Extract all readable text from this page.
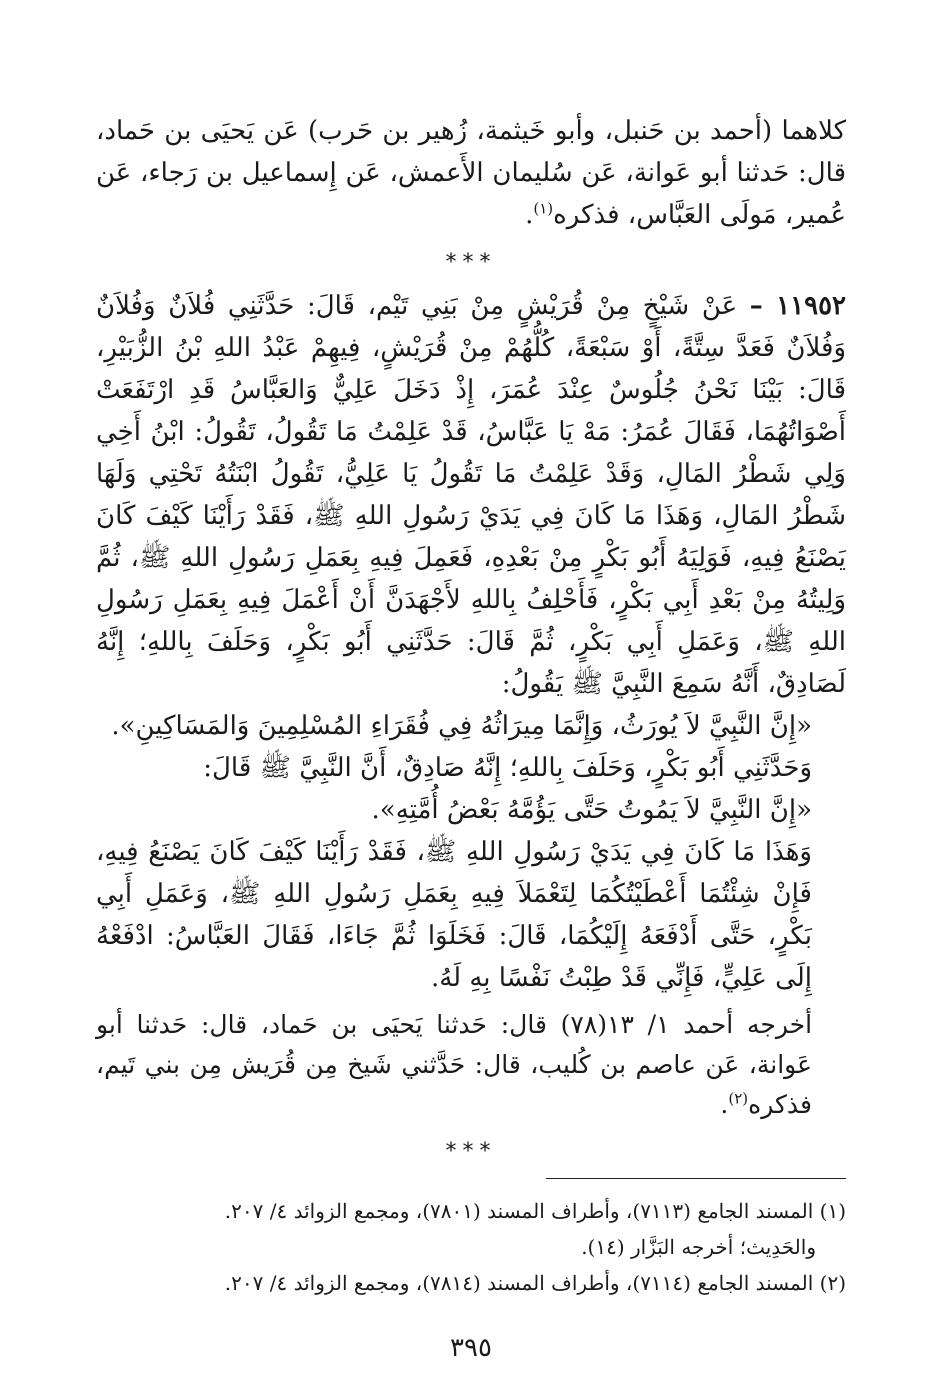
كلاهما (أحمد بن حَنبل، وأبو خَيثمة، زُهير بن حَرب) عَن يَحيَى بن حَماد، قال: حَدثنا أبو عَوانة، عَن سُليمان الأَعمش، عَن إِسماعيل بن رَجاء، عَن عُمير، مَولَى العَبَّاس، فذكره$^{(١)}$.

***

١١٩٥٢ – عَنْ شَيْخٍ مِنْ قُرَيْشٍ مِنْ بَنِي تَيْم، قَالَ: حَدَّثَنِي فُلاَنٌ وَفُلاَنٌ وَفُلاَنٌ فَعَدَّ سِتَّةً، أَوْ سَبْعَةً، كُلُّهُمْ مِنْ قُرَيْشٍ، فِيهِمْ عَبْدُ اللهِ بْنُ الزُّبَيْرِ، قَالَ: بَيْنَا نَحْنُ جُلُوسٌ عِنْدَ عُمَرَ، إِذْ دَخَلَ عَلِيٌّ وَالعَبَّاسُ قَدِ ارْتَفَعَتْ أَصْوَاتُهُمَا، فَقَالَ عُمَرُ: مَهْ يَا عَبَّاسُ، قَدْ عَلِمْتُ مَا تَقُولُ، تَقُولُ: ابْنُ أَخِي وَلِي شَطْرُ المَالِ، وَقَدْ عَلِمْتُ مَا تَقُولُ يَا عَلِيُّ، تَقُولُ ابْنَتُهُ تَحْتِي وَلَهَا شَطْرُ المَالِ، وَهَذَا مَا كَانَ فِي يَدَيْ رَسُولِ اللهِ ﷺ، فَقَدْ رَأَيْنَا كَيْفَ كَانَ يَصْنَعُ فِيهِ، فَوَلِيَهُ أَبُو بَكْرٍ مِنْ بَعْدِهِ، فَعَمِلَ فِيهِ بِعَمَلِ رَسُولِ اللهِ ﷺ، ثُمَّ وَلِيتُهُ مِنْ بَعْدِ أَبِي بَكْرٍ، فَأَحْلِفُ بِاللهِ لأَجْهَدَنَّ أَنْ أَعْمَلَ فِيهِ بِعَمَلِ رَسُولِ اللهِ ﷺ، وَعَمَلِ أَبِي بَكْرٍ، ثُمَّ قَالَ: حَدَّثَنِي أَبُو بَكْرٍ، وَحَلَفَ بِاللهِ؛ إِنَّهُ لَصَادِقٌ، أَنَّهُ سَمِعَ النَّبِيَّ ﷺ يَقُولُ:

«إِنَّ النَّبِيَّ لاَ يُورَثُ، وَإِنَّمَا مِيرَاثُهُ فِي فُقَرَاءِ المُسْلِمِينَ وَالمَسَاكِينِ».

وَحَدَّثَنِي أَبُو بَكْرٍ، وَحَلَفَ بِاللهِ؛ إِنَّهُ صَادِقٌ، أَنَّ النَّبِيَّ ﷺ قَالَ:

«إِنَّ النَّبِيَّ لاَ يَمُوتُ حَتَّى يَؤُمَّهُ بَعْضُ أُمَّتِهِ».

وَهَذَا مَا كَانَ فِي يَدَيْ رَسُولِ اللهِ ﷺ، فَقَدْ رَأَيْنَا كَيْفَ كَانَ يَصْنَعُ فِيهِ، فَإِنْ شِئْتُمَا أَعْطَيْتُكُمَا لِتَعْمَلاَ فِيهِ بِعَمَلِ رَسُولِ اللهِ ﷺ، وَعَمَلِ أَبِي بَكْرٍ، حَتَّى أَدْفَعَهُ إِلَيْكُمَا، قَالَ: فَخَلَوَا ثُمَّ جَاءَا، فَقَالَ العَبَّاسُ: ادْفَعْهُ إِلَى عَلِيٍّ، فَإِنِّي قَدْ طِبْتُ نَفْسًا بِهِ لَهُ.

أخرجه أحمد ١/ ١٣(٧٨) قال: حَدثنا يَحيَى بن حَماد، قال: حَدثنا أبو عَوانة، عَن عاصم بن كُليب، قال: حَدَّثني شَيخ مِن قُرَيش مِن بني تَيم، فذكره$^{(٢)}$.

***

(١) المسند الجامع (٧١١٣)، وأطراف المسند (٧٨٠١)، ومجمع الزوائد ٤/ ٢٠٧.

والحَدِيث؛ أخرجه البَزَّار (١٤).

(٢) المسند الجامع (٧١١٤)، وأطراف المسند (٧٨١٤)، ومجمع الزوائد ٤/ ٢٠٧.

٣٩٥
